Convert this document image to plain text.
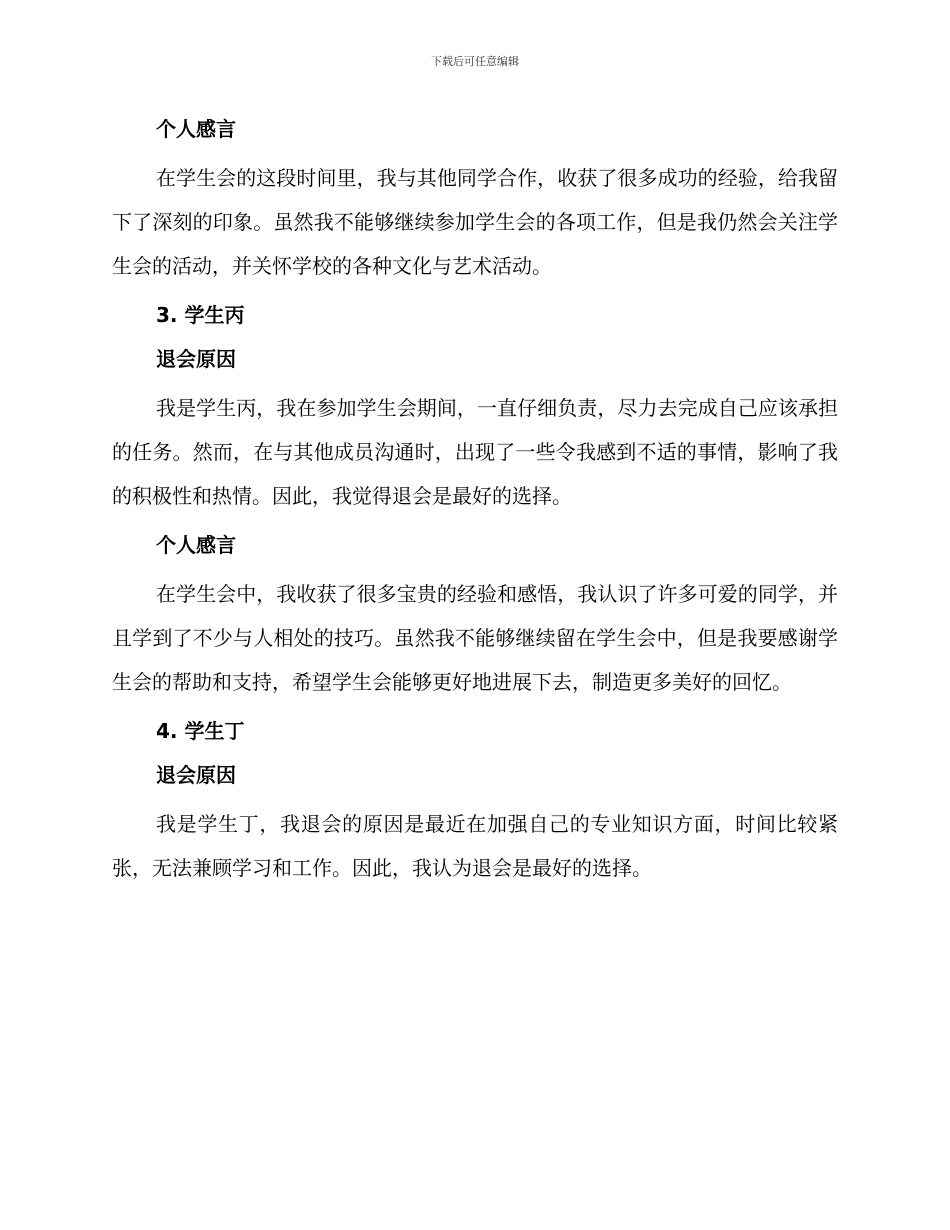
下载后可任意编辑
个人感言
在学生会的这段时间里，我与其他同学合作，收获了很多成功的经验，给我留下了深刻的印象。虽然我不能够继续参加学生会的各项工作，但是我仍然会关注学生会的活动，并关怀学校的各种文化与艺术活动。
3. 学生丙
退会原因
我是学生丙，我在参加学生会期间，一直仔细负责，尽力去完成自己应该承担的任务。然而，在与其他成员沟通时，出现了一些令我感到不适的事情，影响了我的积极性和热情。因此，我觉得退会是最好的选择。
个人感言
在学生会中，我收获了很多宝贵的经验和感悟，我认识了许多可爱的同学，并且学到了不少与人相处的技巧。虽然我不能够继续留在学生会中，但是我要感谢学生会的帮助和支持，希望学生会能够更好地进展下去，制造更多美好的回忆。
4. 学生丁
退会原因
我是学生丁，我退会的原因是最近在加强自己的专业知识方面，时间比较紧张，无法兼顾学习和工作。因此，我认为退会是最好的选择。
